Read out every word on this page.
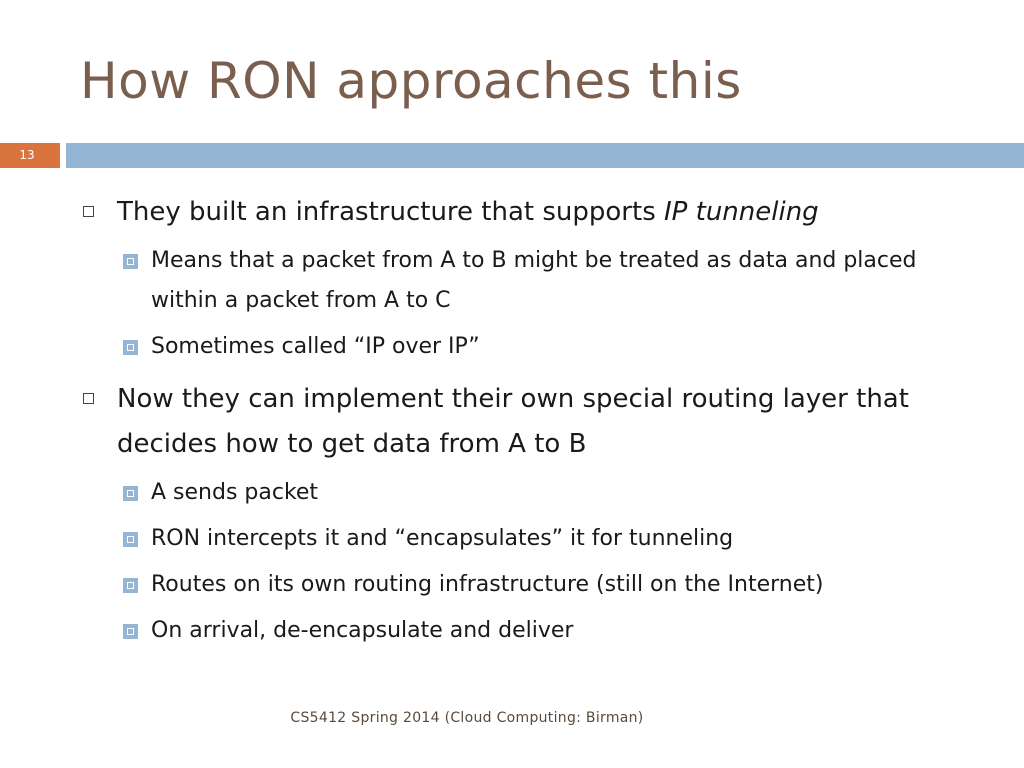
How RON approaches this
13
They built an infrastructure that supports IP tunneling
Means that a packet from A to B might be treated as data and placed within a packet from A to C
Sometimes called “IP over IP”
Now they can implement their own special routing layer that decides how to get data from A to B
A sends packet
RON intercepts it and “encapsulates” it for tunneling
Routes on its own routing infrastructure (still on the Internet)
On arrival, de-encapsulate and deliver
CS5412 Spring 2014 (Cloud Computing: Birman)
